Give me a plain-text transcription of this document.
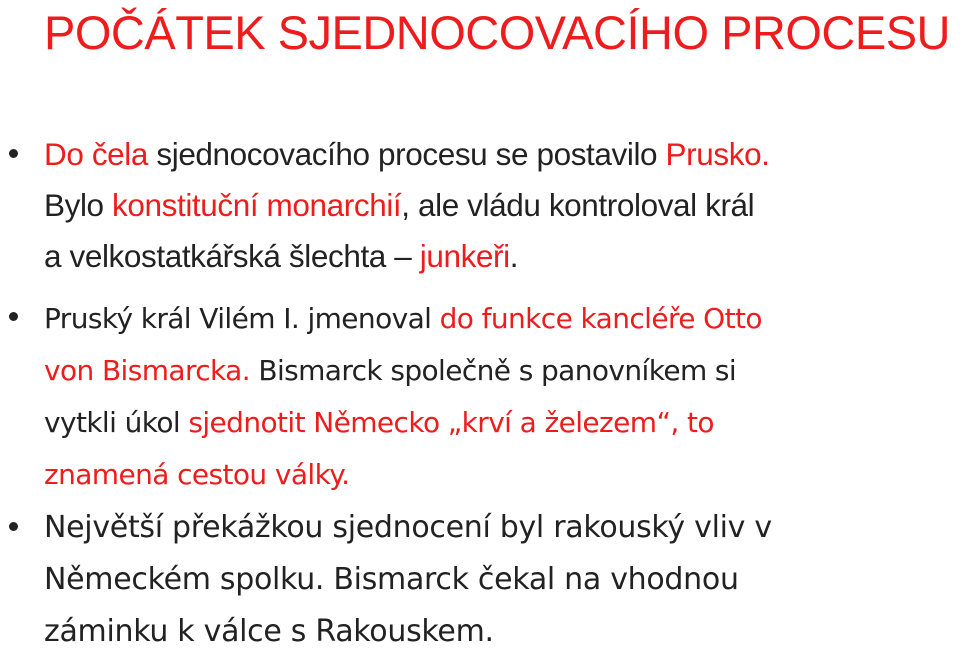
POČÁTEK SJEDNOCOVACÍHO PROCESU
Do čela sjednocovacího procesu se postavilo Prusko.
Bylo konstituční monarchií, ale vládu kontroloval král
a velkostatkářská šlechta – junkeři.
Pruský král Vilém I. jmenoval do funkce kancléře Otto
von Bismarcka. Bismarck společně s panovníkem si
vytkli úkol sjednotit Německo „krví a železem“, to
znamená cestou války.
Největší překážkou sjednocení byl rakouský vliv v
Německém spolku. Bismarck čekal na vhodnou
záminku k válce s Rakouskem.
